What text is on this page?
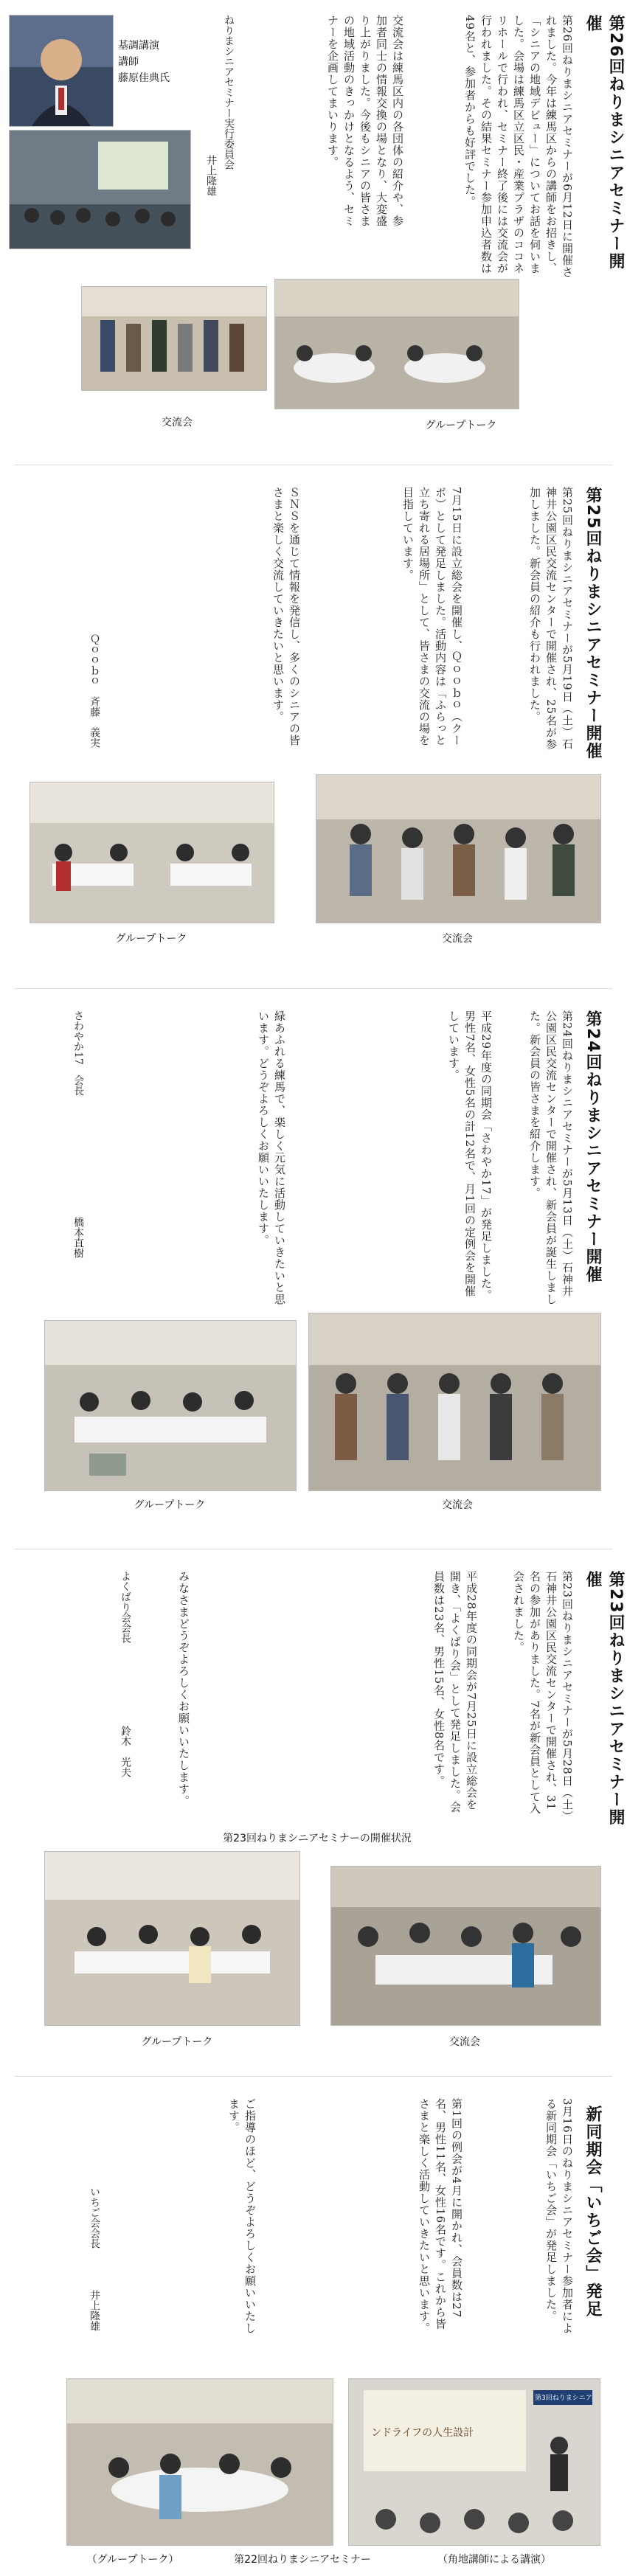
基調講演
講師
藤原佳典氏	第26回ねりまシニアセミナー開催
第26回ねりまシニアセミナーが6月12日に開催されました。今年は練馬区からの講師をお招きし、「シニアの地域デビュー」についてお話を伺いました。会場は練馬区立区民・産業プラザのココネリホールで行われ、セミナー終了後には交流会が行われました。その結果セミナー参加申込者数は49名と、参加者からも好評でした。
交流会は練馬区内の各団体の紹介や、参加者同士の情報交換の場となり、大変盛り上がりました。今後もシニアの皆さまの地域活動のきっかけとなるよう、セミナーを企画してまいります。
ねりまシニアセミナー実行委員会
井上隆雄
交流会	グループトーク
第25回ねりまシニアセミナー開催
第25回ねりまシニアセミナーが5月19日（土）石神井公園区民交流センターで開催され、25名が参加しました。新会員の紹介も行われました。
7月15日に設立総会を開催し、Ｑｏｏｂｏ（クーボ）として発足しました。活動内容は「ふらっと立ち寄れる居場所」として、皆さまの交流の場を目指しています。
ＳＮＳを通じて情報を発信し、多くのシニアの皆さまと楽しく交流していきたいと思います。
Ｑｏｏｂｏ　斉藤　義実
グループトーク	交流会
第24回ねりまシニアセミナー開催
第24回ねりまシニアセミナーが5月13日（土）石神井公園区民交流センターで開催され、新会員が誕生しました。新会員の皆さまを紹介します。
平成29年度の同期会「さわやか17」が発足しました。男性7名、女性5名の計12名で、月1回の定例会を開催しています。
緑あふれる練馬で、楽しく元気に活動していきたいと思います。どうぞよろしくお願いいたします。
さわやか17　会長
橋本直樹
グループトーク	交流会
第23回ねりまシニアセミナー開催
第23回ねりまシニアセミナーが5月28日（土）石神井公園区民交流センターで開催され、31名の参加がありました。7名が新会員として入会されました。
平成28年度の同期会が7月25日に設立総会を開き、「よくばり会」として発足しました。会員数は23名、男性15名、女性8名です。
みなさまどうぞよろしくお願いいたします。
よくばり会会長
鈴木　光夫
第23回ねりまシニアセミナーの開催状況
グループトーク	交流会
新同期会「いちご会」発足
3月16日のねりまシニアセミナー参加者による新同期会「いちご会」が発足しました。
第1回の例会が4月に開かれ、会員数は27名、男性11名、女性16名です。これから皆さまと楽しく活動していきたいと思います。
ご指導のほど、どうぞよろしくお願いいたします。
いちご会会長
井上隆雄
ンドライフの人生設計
第3回ねりまシニア
（グループトーク）	第22回ねりまシニアセミナー	（角地講師による講演）
